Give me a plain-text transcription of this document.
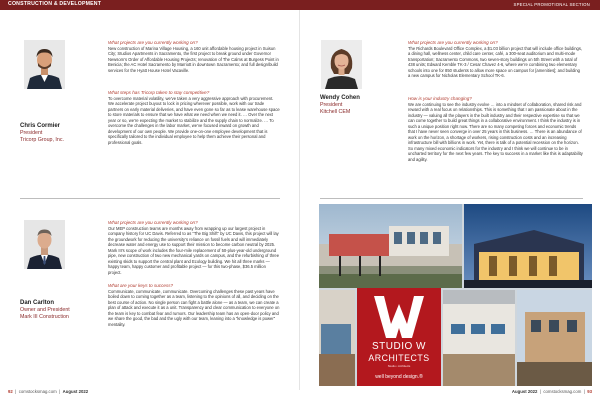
CONSTRUCTION & DEVELOPMENT	SPECIAL PROMOTIONAL SECTION
Chris Cormier
President
Tricorp Group, Inc.
What projects are you currently working on?
New construction of Marina Village Housing, a 160 unit affordable housing project in Suisun City; Studios Apartments in Sacramento, the first project to break ground under Governor Newsom’s Order of Affordable Housing Projects; renovation of The Calms at Burgess Point in Benicia; the AC Hotel Sacramento by Marriott in downtown Sacramento; and full design/build services for the Hyatt House Hotel Vacaville.
What steps has Tricorp taken to stay competitive?
To overcome material volatility, we’ve taken a very aggressive approach with procurement. We accelerate project buyout to lock in pricing wherever possible, work with our trade partners on early material deliveries, and have even gone so far as to lease warehouse space to store materials to ensure that we have what we need when we need it. … Over the next year or so, we’re expecting the market to stabilize and the supply chain to normalize. … To overcome the challenges in the labor market, we’ve focused inward on growth and development of our own people. We provide one-on-one employee development that is specifically tailored to the individual employee to help them achieve their personal and professional goals.
Wendy Cohen
President
Kitchell CEM
What projects are you currently working on?
The Richards Boulevard Office Complex, a $1.03 billion project that will include office buildings, a dining hall, wellness center, child care center, café, a 300-seat auditorium and multi-mode transportation; Sacramento Commons, two seven-story buildings on 5th Street with a total of 438 units; Edward Kemble TK-3 / Cesar Chavez 4-6, where we’re combining two elementary schools into one for 850 students to allow more space on campus for [amenities]; and building a new campus for Nicholas Elementary School TK-6.
How is your industry changing?
We are continuing to see the industry evolve … into a mindset of collaboration, shared risk and reward with a real focus on relationships. This is something that I am passionate about in the industry — valuing all the players in the built industry and their respective expertise so that we can come together to build great things in a collaborative environment. I think the industry is in such a unique position right now. There are so many competing forces and economic trends that I have never seen converge in over 25 years in this business. … There is an abundance of work on the horizon, a shortage of workers, rising construction costs and an increasing infrastructure bill with billions in work. Yet, there is talk of a potential recession on the horizon. So many mixed economic indicators for the industry and I think we will continue to be in uncharted territory for the next few years. The key to success in a market like this is adaptability and agility.
Dan Carlton
Owner and President
Mark III Construction
What projects are you currently working on?
Our MEP construction teams are months away from wrapping up our largest project in company history for UC Davis. Referred to as “The Big Shift” by UC Davis, this project will lay the groundwork for reducing the university’s reliance on fossil fuels and will immediately decrease water and energy use to support their mission to become carbon neutral by 2025. Mark III’s scope of work includes the four-mile replacement of 50-plus-year-old underground pipe, new construction of two new mechanical yards on campus, and the refurbishing of three existing skids to support the central plant and Ecology building. We hit all three marks — happy team, happy customer and profitable project — for this two-phase, $36.5 million project.
What are your keys to success?
Communicate, communicate, communicate. Overcoming challenges these past years have boiled down to coming together as a team, listening to the opinions of all, and deciding on the best course of action. No single person can fight a battle alone — as a team, we can create a plan of attack and execute it as a unit. Transparency and clear communication to everyone on the team is key to combat fear and rumors. Our leadership team has an open-door policy and we share the good, the bad and the ugly with our team, leaning into a “knowledge is power” mentality.
STUDIO W
ARCHITECTS
Studio • Architects
well beyond design.®
92  |  comstocksmag.com  |  August 2022	August 2022  |  comstocksmag.com  |  93
